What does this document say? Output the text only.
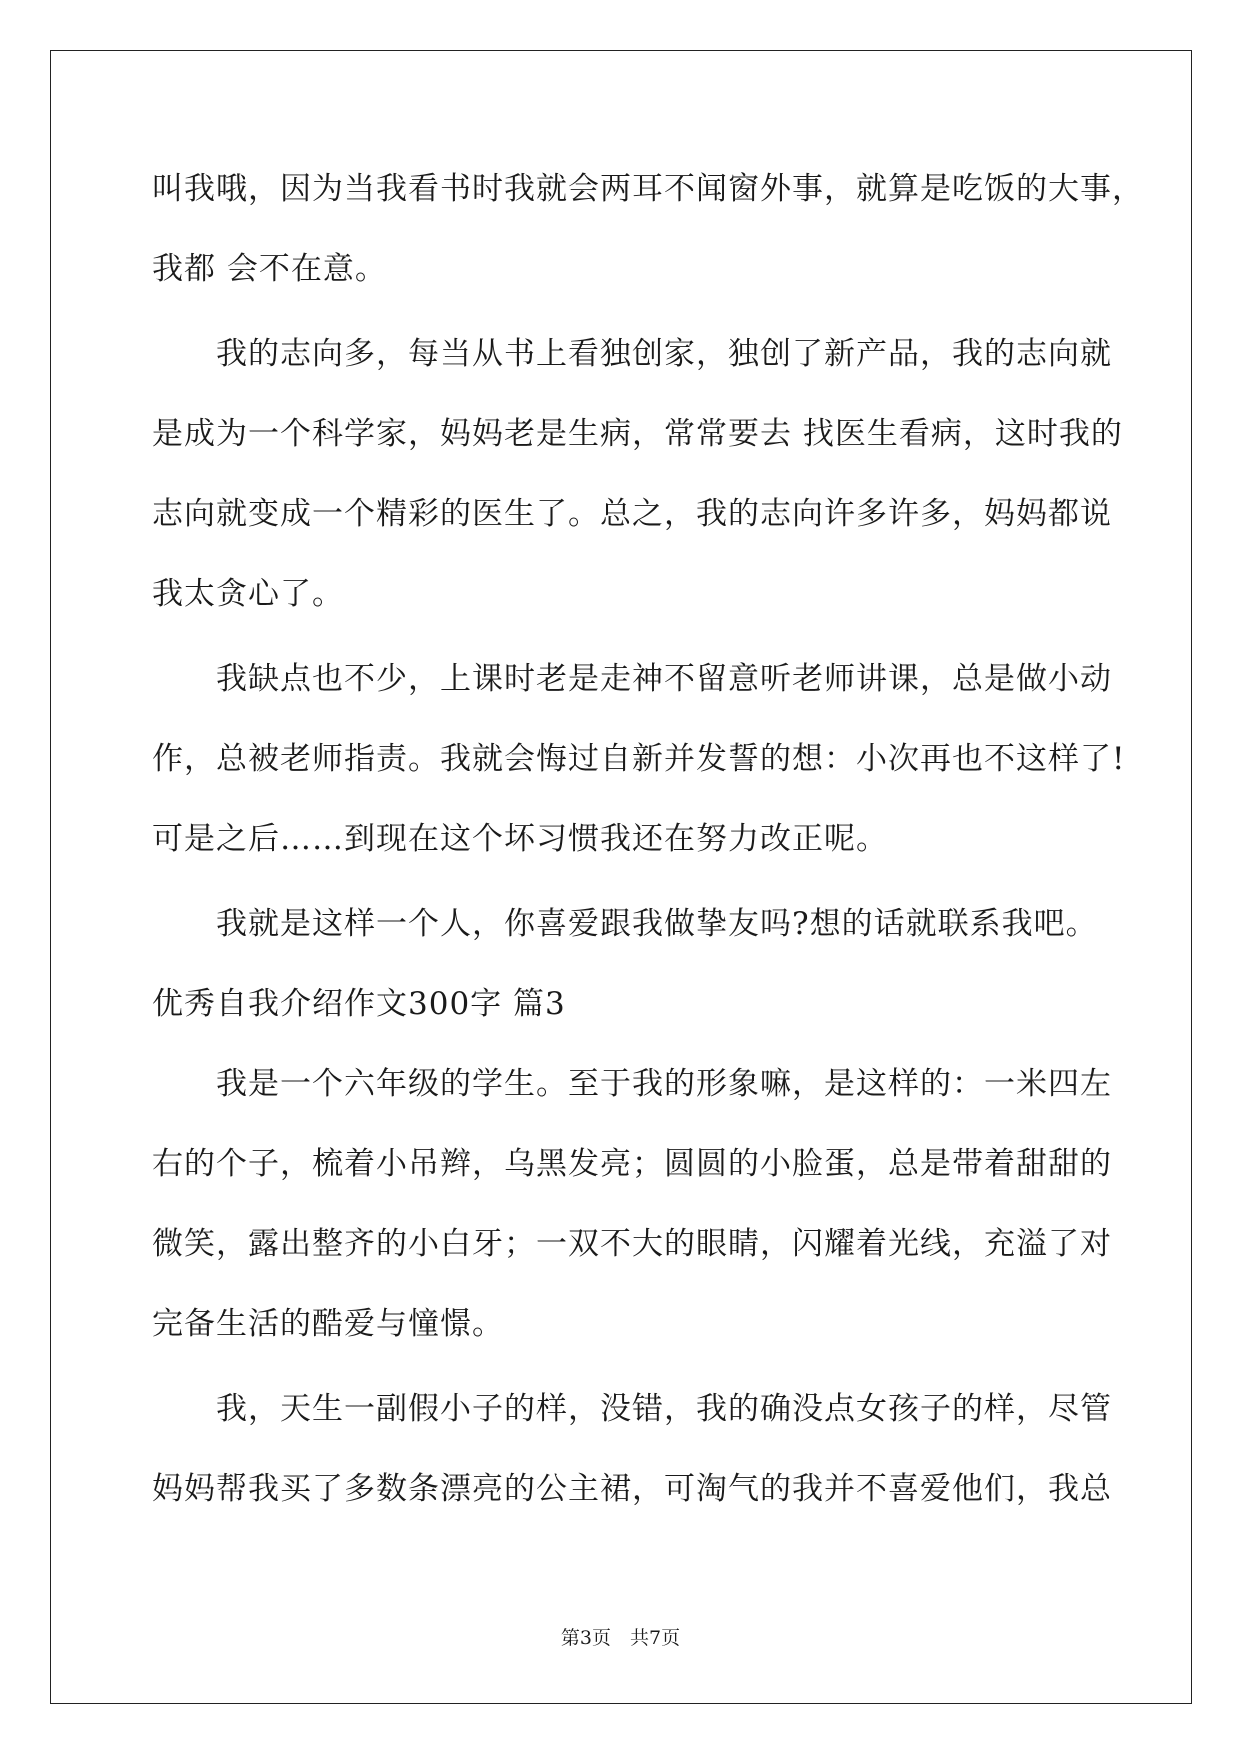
叫我哦，因为当我看书时我就会两耳不闻窗外事，就算是吃饭的大事，
我都 会不在意。
　　我的志向多，每当从书上看独创家，独创了新产品，我的志向就
是成为一个科学家，妈妈老是生病，常常要去 找医生看病，这时我的
志向就变成一个精彩的医生了。总之，我的志向许多许多，妈妈都说
我太贪心了。
　　我缺点也不少，上课时老是走神不留意听老师讲课，总是做小动
作，总被老师指责。我就会悔过自新并发誓的想：小次再也不这样了!
可是之后……到现在这个坏习惯我还在努力改正呢。
　　我就是这样一个人，你喜爱跟我做挚友吗?想的话就联系我吧。
优秀自我介绍作文300字 篇3
　　我是一个六年级的学生。至于我的形象嘛，是这样的：一米四左
右的个子，梳着小吊辫，乌黑发亮；圆圆的小脸蛋，总是带着甜甜的
微笑，露出整齐的小白牙；一双不大的眼睛，闪耀着光线，充溢了对
完备生活的酷爱与憧憬。
　　我，天生一副假小子的样，没错，我的确没点女孩子的样，尽管
妈妈帮我买了多数条漂亮的公主裙，可淘气的我并不喜爱他们，我总
第3页　共7页
